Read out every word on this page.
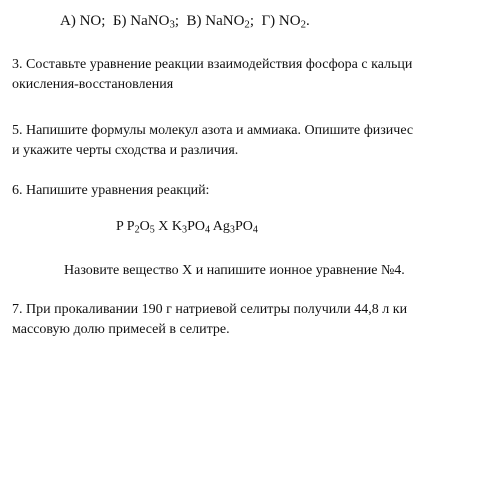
А) NO; Б) NaNO$_3$; В) NaNO$_2$; Г) $NO_2$.
3. Составьте уравнение реакции взаимодействия фосфора с кальци
окисления-восстановления
5. Напишите формулы молекул азота и аммиака. Опишите физичес
и укажите черты сходства и различия.
6. Напишите уравнения реакций:
P $P_2O_5$ X $K_3PO_4$ $Ag_3PO_4$
Назовите вещество Х и напишите ионное уравнение №4.
7. При прокаливании 190 г натриевой селитры получили 44,8 л ки
массовую долю примесей в селитре.
